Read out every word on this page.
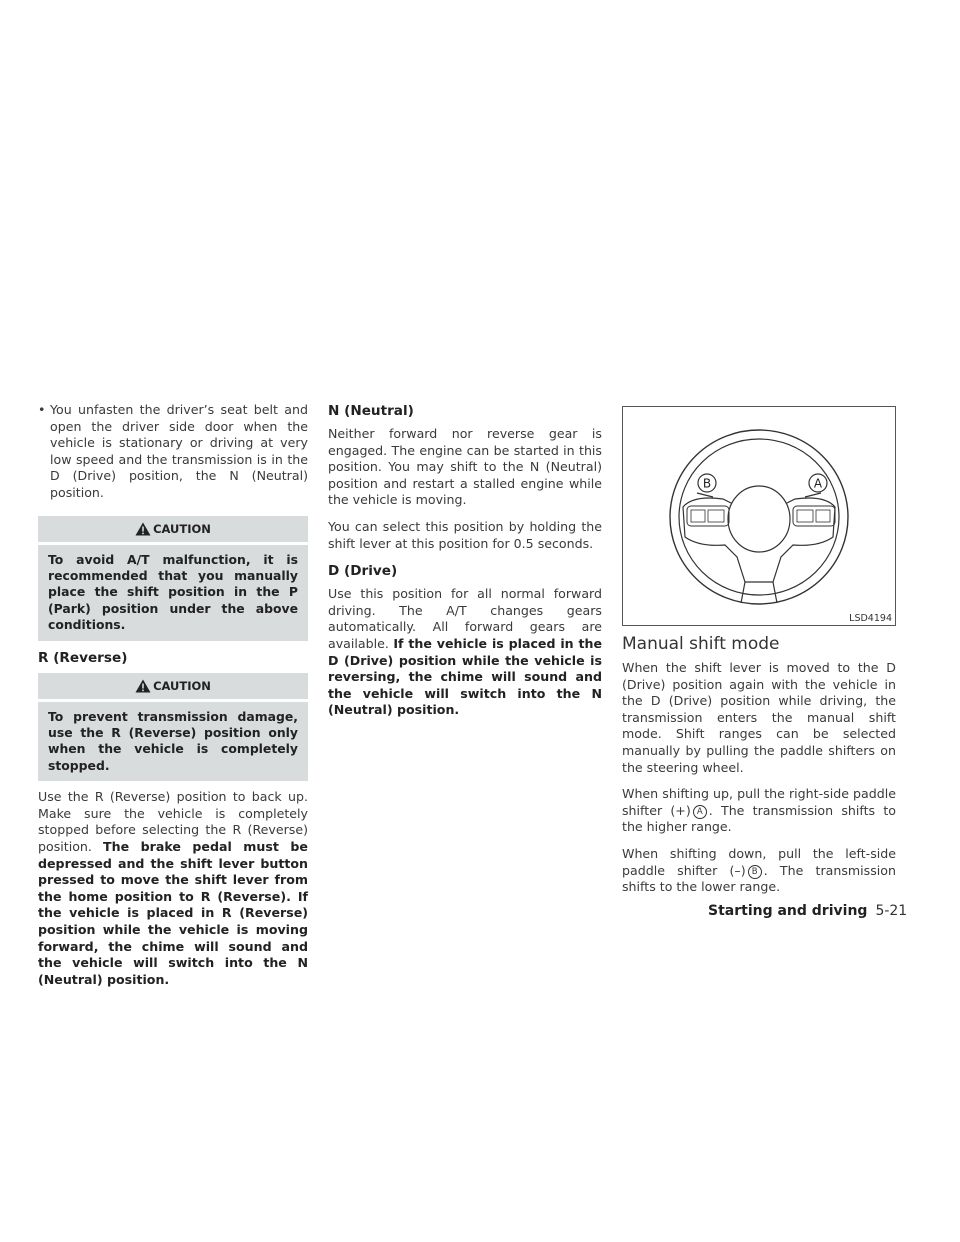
• You unfasten the driver’s seat belt and open the driver side door when the vehicle is stationary or driving at very low speed and the transmission is in the D (Drive) position, the N (Neutral) position.
CAUTION
To avoid A/T malfunction, it is recommended that you manually place the shift position in the P (Park) position under the above conditions.
R (Reverse)
CAUTION
To prevent transmission damage, use the R (Reverse) position only when the vehicle is completely stopped.

Use the R (Reverse) position to back up. Make sure the vehicle is completely stopped before selecting the R (Reverse) position. The brake pedal must be depressed and the shift lever button pressed to move the shift lever from the home position to R (Reverse). If the vehicle is placed in R (Reverse) position while the vehicle is moving forward, the chime will sound and the vehicle will switch into the N (Neutral) position.

N (Neutral)

Neither forward nor reverse gear is engaged. The engine can be started in this position. You may shift to the N (Neutral) position and restart a stalled engine while the vehicle is moving.

You can select this position by holding the shift lever at this position for 0.5 seconds.

D (Drive)

Use this position for all normal forward driving. The A/T changes gears automatically. All forward gears are available. If the vehicle is placed in the D (Drive) position while the vehicle is reversing, the chime will sound and the vehicle will switch into the N (Neutral) position.

B	A
LSD4194
Manual shift mode

When the shift lever is moved to the D (Drive) position again with the vehicle in the D (Drive) position while driving, the transmission enters the manual shift mode. Shift ranges can be selected manually by pulling the paddle shifters on the steering wheel.

When shifting up, pull the right-side paddle shifter (+) A . The transmission shifts to the higher range.

When shifting down, pull the left-side paddle shifter (–) B . The transmission shifts to the lower range.

Starting and driving 5-21
